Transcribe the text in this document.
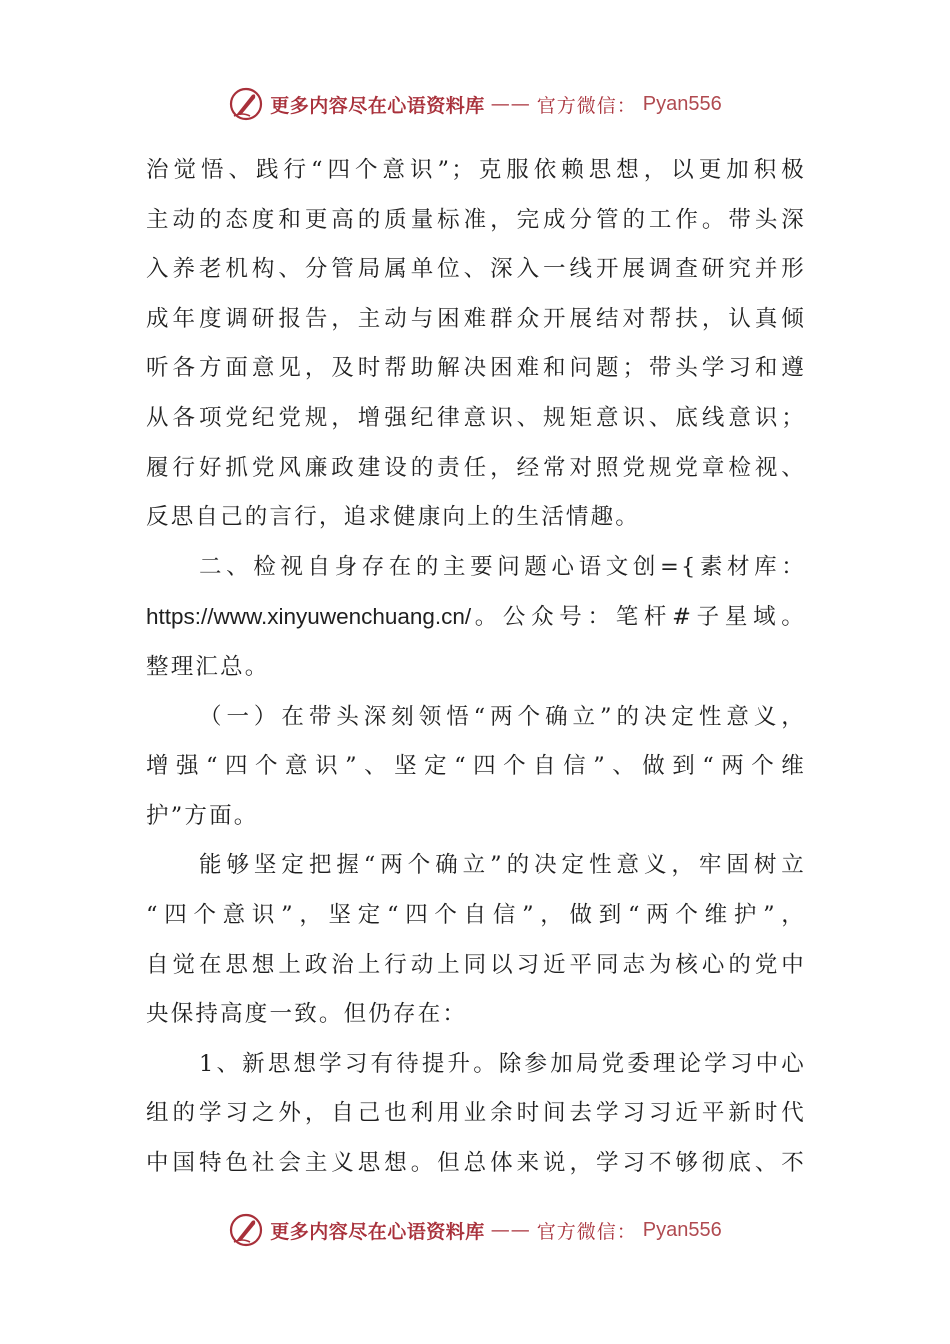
更多内容尽在心语资料库 —— 官方微信： Pyan556

治觉悟、践行“四个意识”；克服依赖思想，以更加积极

主动的态度和更高的质量标准，完成分管的工作。带头深

入养老机构、分管局属单位、深入一线开展调查研究并形

成年度调研报告，主动与困难群众开展结对帮扶，认真倾

听各方面意见，及时帮助解决困难和问题；带头学习和遵

从各项党纪党规，增强纪律意识、规矩意识、底线意识；

履行好抓党风廉政建设的责任，经常对照党规党章检视、

反思自己的言行，追求健康向上的生活情趣。

二、检视自身存在的主要问题心语文创={素材库：

https://www.xinyuwenchuang.cn/。公众号：笔杆#子星域。

整理汇总。

（一）在带头深刻领悟“两个确立”的决定性意义，

增强“四个意识”、坚定“四个自信”、做到“两个维

护”方面。

能够坚定把握“两个确立”的决定性意义，牢固树立

“四个意识”，坚定“四个自信”，做到“两个维护”，

自觉在思想上政治上行动上同以习近平同志为核心的党中

央保持高度一致。但仍存在：

1、新思想学习有待提升。除参加局党委理论学习中心

组的学习之外，自己也利用业余时间去学习习近平新时代

中国特色社会主义思想。但总体来说，学习不够彻底、不

更多内容尽在心语资料库 —— 官方微信： Pyan556
